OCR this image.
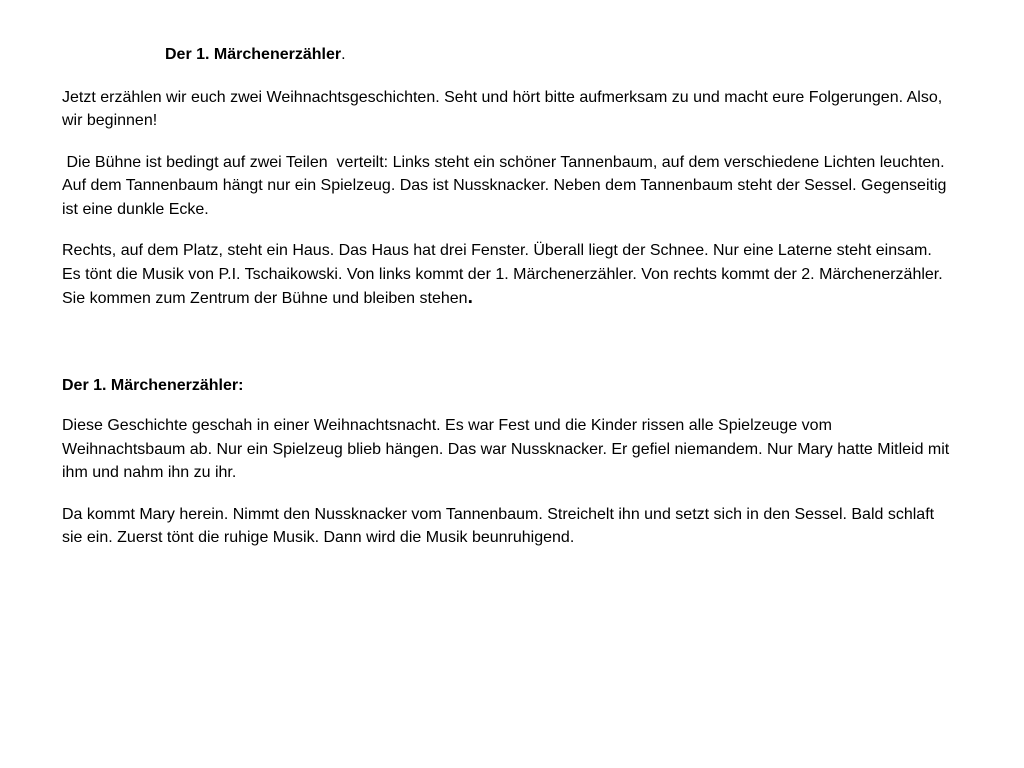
Der 1. Märchenerzähler.

Jetzt erzählen wir euch zwei Weihnachtsgeschichten. Seht und hört bitte aufmerksam zu und macht eure Folgerungen. Also, wir beginnen!

Die Bühne ist bedingt auf zwei Teilen  verteilt: Links steht ein schöner Tannenbaum, auf dem verschiedene Lichten leuchten. Auf dem Tannenbaum hängt nur ein Spielzeug. Das ist Nussknacker. Neben dem Tannenbaum steht der Sessel. Gegenseitig ist eine dunkle Ecke.

Rechts, auf dem Platz, steht ein Haus. Das Haus hat drei Fenster. Überall liegt der Schnee. Nur eine Laterne steht einsam. Es tönt die Musik von P.I. Tschaikowski. Von links kommt der 1. Märchenerzähler. Von rechts kommt der 2. Märchenerzähler. Sie kommen zum Zentrum der Bühne und bleiben stehen.

Der 1. Märchenerzähler:

Diese Geschichte geschah in einer Weihnachtsnacht. Es war Fest und die Kinder rissen alle Spielzeuge vom Weihnachtsbaum ab. Nur ein Spielzeug blieb hängen. Das war Nussknacker. Er gefiel niemandem. Nur Mary hatte Mitleid mit ihm und nahm ihn zu ihr.

Da kommt Mary herein. Nimmt den Nussknacker vom Tannenbaum. Streichelt ihn und setzt sich in den Sessel. Bald schlaft sie ein. Zuerst tönt die ruhige Musik. Dann wird die Musik beunruhigend.
